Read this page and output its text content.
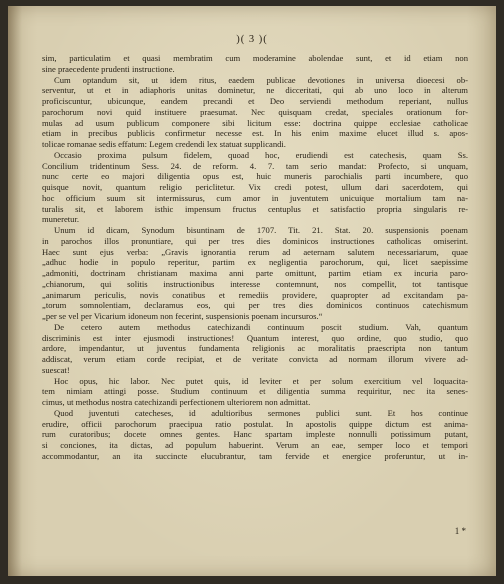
)( 3 )(
sim, particulatim et quasi membratim cum moderamine abolendae sunt, et id etiam non
sine praecedente prudenti instructione.
Cum optandum sit, ut idem ritus, eaedem publicae devotiones in universa dioecesi ob-
serventur, ut et in adiaphoris unitas dominetur, ne dicceritati, qui ab uno loco in alterum
proficiscuntur, ubicunque, eandem precandi et Deo serviendi methodum reperiant, nullus
parochorum novi quid instituere praesumat. Nec quisquam credat, speciales orationum for-
mulas ad usum publicum componere sibi licitum esse: doctrina quippe ecclesiae catholicae
etiam in precibus publicis confirmetur necesse est. In his enim maxime elucet illud s. apos-
tolicae romanae sedis effatum: Legem credendi lex statuat supplicandi.
Occasio proxima pulsum fidelem, quoad hoc, erudiendi est catechesis, quam Ss.
Concilium tridentinum Sess. 24. de reform. 4. 7. tam serio mandat: Profecto, si unquam,
nunc certe eo majori diligentia opus est, huic muneris parochialis parti incumbere, quo
quisque novit, quantum religio periclitetur. Vix credi potest, ullum dari sacerdotem, qui
hoc officium suum sit intermissurus, cum amor in juventutem unicuique mortalium tam na-
turalis sit, et laborem isthic impensum fructus centuplus et satisfactio propria singularis re-
muneretur.
Unum id dicam, Synodum bisuntinam de 1707. Tit. 21. Stat. 20. suspensionis poenam
in parochos illos pronuntiare, qui per tres dies dominicos instructiones catholicas omiserint.
Haec sunt ejus verba: „Gravis ignorantia rerum ad aeternam salutem necessariarum, quae
„adhuc hodie in populo reperitur, partim ex negligentia parochorum, qui, licet saepissime
„admoniti, doctrinam christianam maxima anni parte omittunt, partim etiam ex incuria paro-
„chianorum, qui solitis instructionibus interesse contemnunt, nos compellit, tot tantisque
„animarum periculis, novis conatibus et remediis providere, quapropter ad excitandam pa-
„torum somnolentiam, declaramus eos, qui per tres dies dominicos continuos catechismum
„per se vel per Vicarium idoneum non fecerint, suspensionis poenam incursuros.“
De cetero autem methodus catechizandi continuum poscit studium. Vah, quantum
discriminis est inter ejusmodi instructiones! Quantum interest, quo ordine, quo studio, quo
ardore, impendantur, ut juventus fundamenta religionis ac moralitatis praescripta non tantum
addiscat, verum etiam corde recipiat, et de veritate convicta ad normam illorum vivere ad-
suescat!
Hoc opus, hic labor. Nec putet quis, id leviter et per solum exercitium vel loquacita-
tem nimiam attingi posse. Studium continuum et diligentia summa requiritur, nec ita senes-
cimus, ut methodus nostra catechizandi perfectionem ulteriorem non admittat.
Quod juventuti catecheses, id adultioribus sermones publici sunt. Et hos continue
erudire, officii parochorum praecipua ratio postulat. In apostolis quippe dictum est anima-
rum curatoribus; docete omnes gentes. Hanc spartam impleste nonnulli potissimum putant,
si conciones, ita dictas, ad populum habuerint. Verum an eae, semper loco et tempori
accommodantur, an ita succincte elucubrantur, tam fervide et energice proferuntur, ut in-
1 *
